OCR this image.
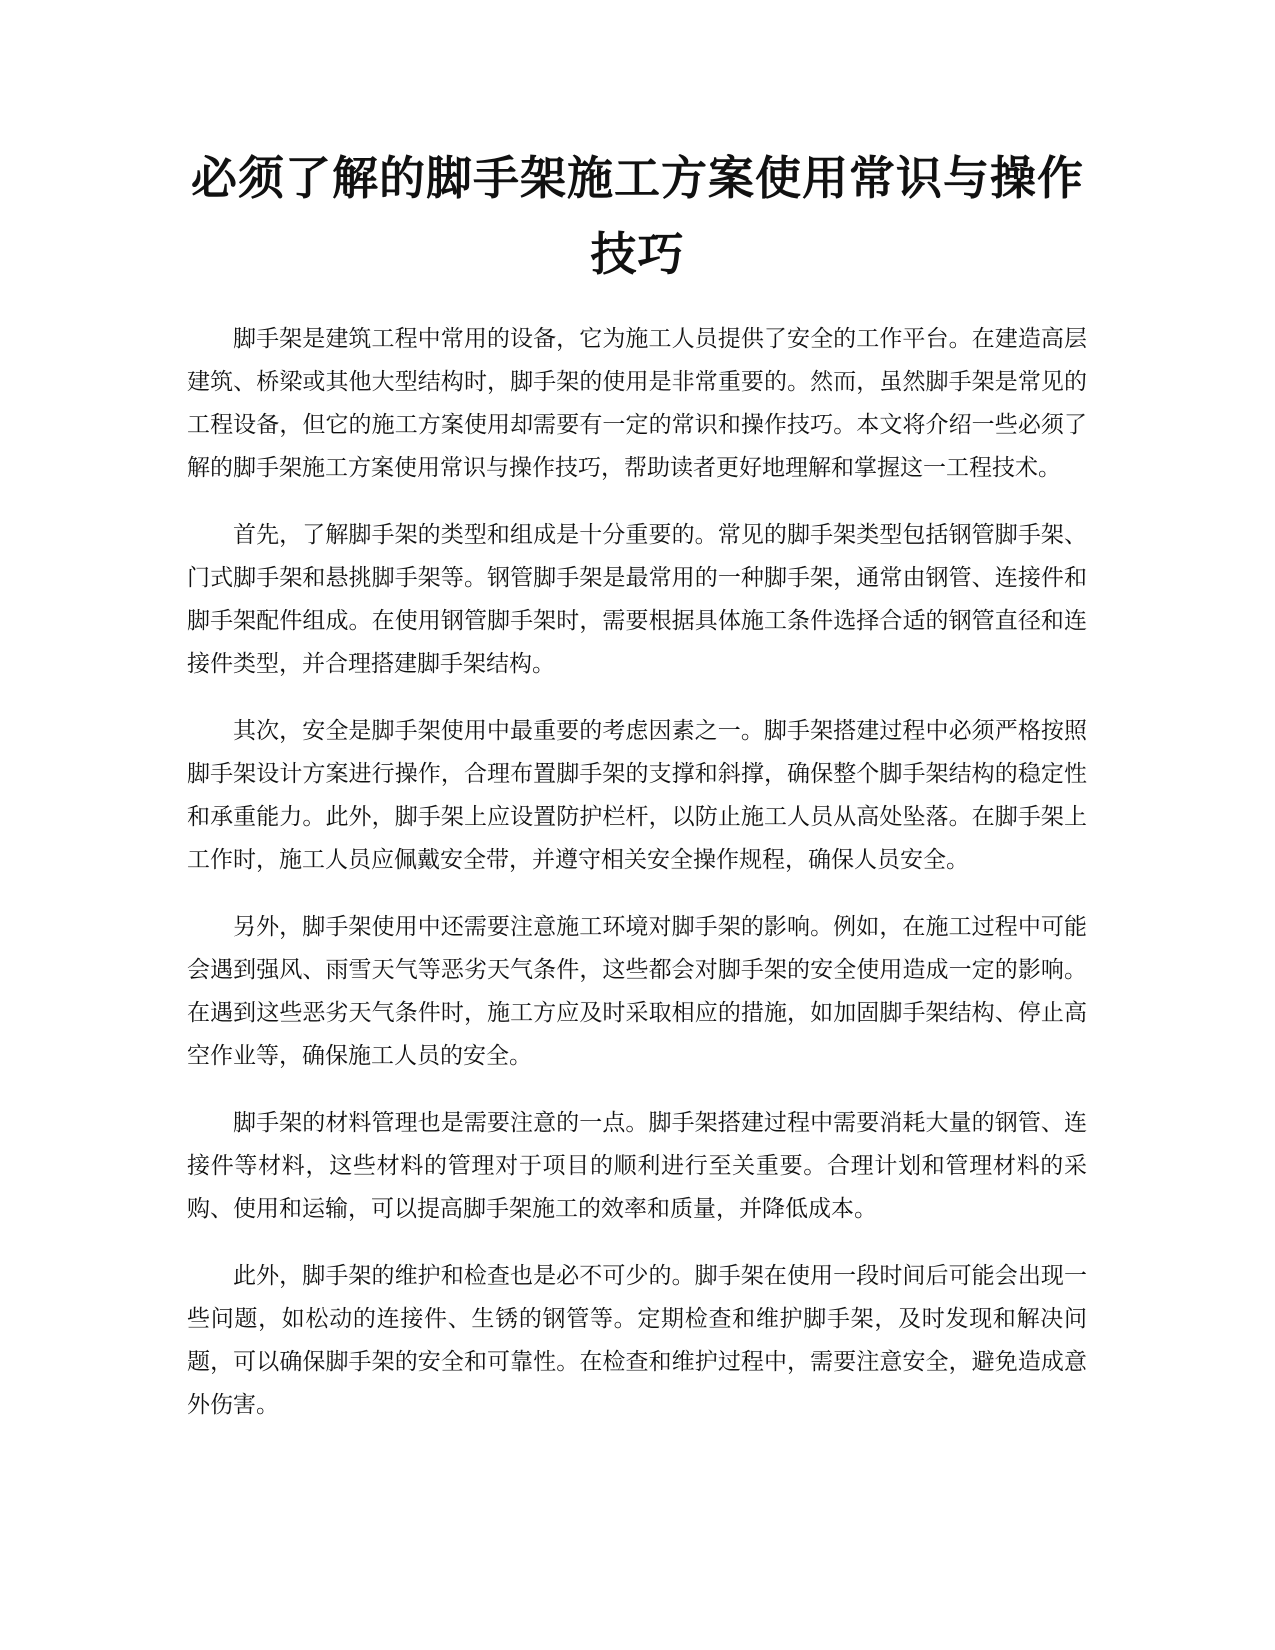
必须了解的脚手架施工方案使用常识与操作技巧

脚手架是建筑工程中常用的设备，它为施工人员提供了安全的工作平台。在建造高层建筑、桥梁或其他大型结构时，脚手架的使用是非常重要的。然而，虽然脚手架是常见的工程设备，但它的施工方案使用却需要有一定的常识和操作技巧。本文将介绍一些必须了解的脚手架施工方案使用常识与操作技巧，帮助读者更好地理解和掌握这一工程技术。

首先，了解脚手架的类型和组成是十分重要的。常见的脚手架类型包括钢管脚手架、门式脚手架和悬挑脚手架等。钢管脚手架是最常用的一种脚手架，通常由钢管、连接件和脚手架配件组成。在使用钢管脚手架时，需要根据具体施工条件选择合适的钢管直径和连接件类型，并合理搭建脚手架结构。

其次，安全是脚手架使用中最重要的考虑因素之一。脚手架搭建过程中必须严格按照脚手架设计方案进行操作，合理布置脚手架的支撑和斜撑，确保整个脚手架结构的稳定性和承重能力。此外，脚手架上应设置防护栏杆，以防止施工人员从高处坠落。在脚手架上工作时，施工人员应佩戴安全带，并遵守相关安全操作规程，确保人员安全。

另外，脚手架使用中还需要注意施工环境对脚手架的影响。例如，在施工过程中可能会遇到强风、雨雪天气等恶劣天气条件，这些都会对脚手架的安全使用造成一定的影响。在遇到这些恶劣天气条件时，施工方应及时采取相应的措施，如加固脚手架结构、停止高空作业等，确保施工人员的安全。

脚手架的材料管理也是需要注意的一点。脚手架搭建过程中需要消耗大量的钢管、连接件等材料，这些材料的管理对于项目的顺利进行至关重要。合理计划和管理材料的采购、使用和运输，可以提高脚手架施工的效率和质量，并降低成本。

此外，脚手架的维护和检查也是必不可少的。脚手架在使用一段时间后可能会出现一些问题，如松动的连接件、生锈的钢管等。定期检查和维护脚手架，及时发现和解决问题，可以确保脚手架的安全和可靠性。在检查和维护过程中，需要注意安全，避免造成意外伤害。
